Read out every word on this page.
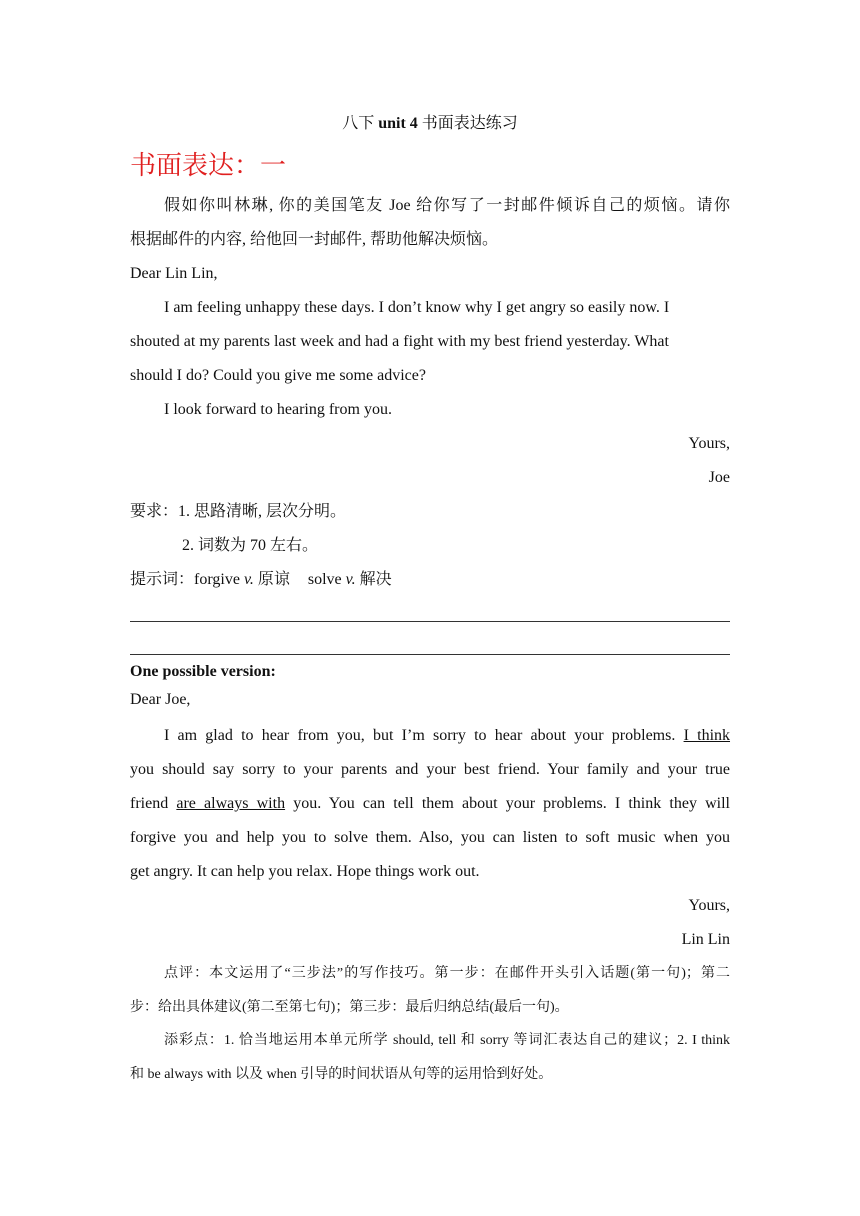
八下 unit 4 书面表达练习
书面表达：一

假如你叫林琳, 你的美国笔友 Joe 给你写了一封邮件倾诉自己的烦恼。请你

根据邮件的内容, 给他回一封邮件, 帮助他解决烦恼。

Dear Lin Lin,

I am feeling unhappy these days. I don’t know why I get angry so easily now. I

shouted at my parents last week and had a fight with my best friend yesterday. What

should I do? Could you give me some advice?

I look forward to hearing from you.

Yours,

Joe

要求：1. 思路清晰, 层次分明。

2. 词数为 70 左右。

提示词：forgive v. 原谅 solve v. 解决

One possible version:

Dear Joe,

I am glad to hear from you, but I’m sorry to hear about your problems. I think

you should say sorry to your parents and your best friend. Your family and your true

friend are always with you. You can tell them about your problems. I think they will

forgive you and help you to solve them. Also, you can listen to soft music when you

get angry. It can help you relax. Hope things work out.

Yours,

Lin Lin

点评：本文运用了“三步法”的写作技巧。第一步：在邮件开头引入话题(第一句)；第二

步：给出具体建议(第二至第七句)；第三步：最后归纳总结(最后一句)。

添彩点：1. 恰当地运用本单元所学 should, tell 和 sorry 等词汇表达自己的建议；2. I think

和 be always with 以及 when 引导的时间状语从句等的运用恰到好处。
